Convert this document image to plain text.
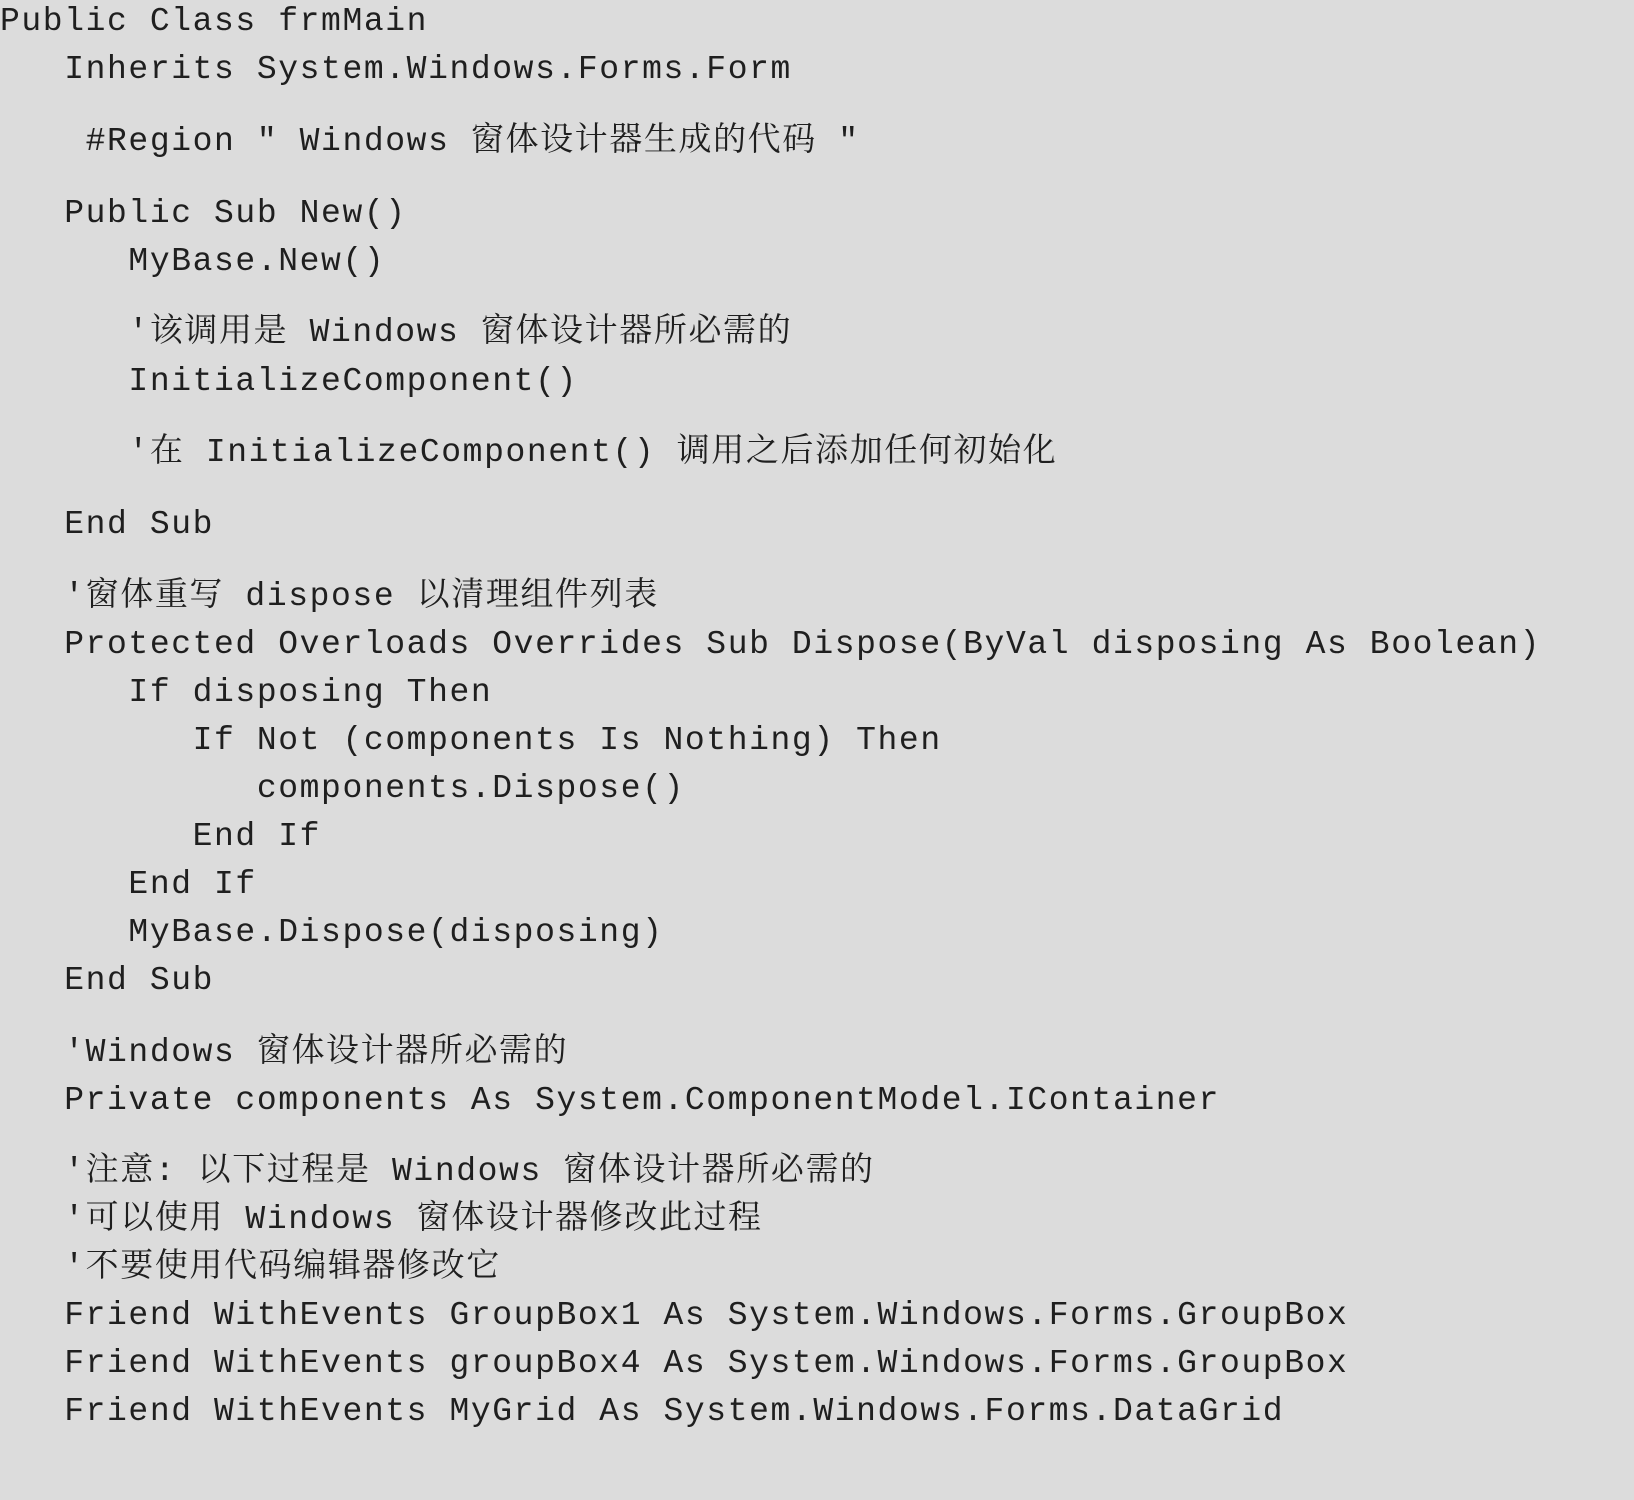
Public Class frmMain
Inherits System.Windows.Forms.Form
#Region " Windows 窗体设计器生成的代码 "
Public Sub New()
MyBase.New()
'该调用是 Windows 窗体设计器所必需的
InitializeComponent()
'在 InitializeComponent() 调用之后添加任何初始化
End Sub
'窗体重写 dispose 以清理组件列表
Protected Overloads Overrides Sub Dispose(ByVal disposing As Boolean)
If disposing Then
If Not (components Is Nothing) Then
components.Dispose()
End If
End If
MyBase.Dispose(disposing)
End Sub
'Windows 窗体设计器所必需的
Private components As System.ComponentModel.IContainer
'注意: 以下过程是 Windows 窗体设计器所必需的
'可以使用 Windows 窗体设计器修改此过程
'不要使用代码编辑器修改它
Friend WithEvents GroupBox1 As System.Windows.Forms.GroupBox
Friend WithEvents groupBox4 As System.Windows.Forms.GroupBox
Friend WithEvents MyGrid As System.Windows.Forms.DataGrid
